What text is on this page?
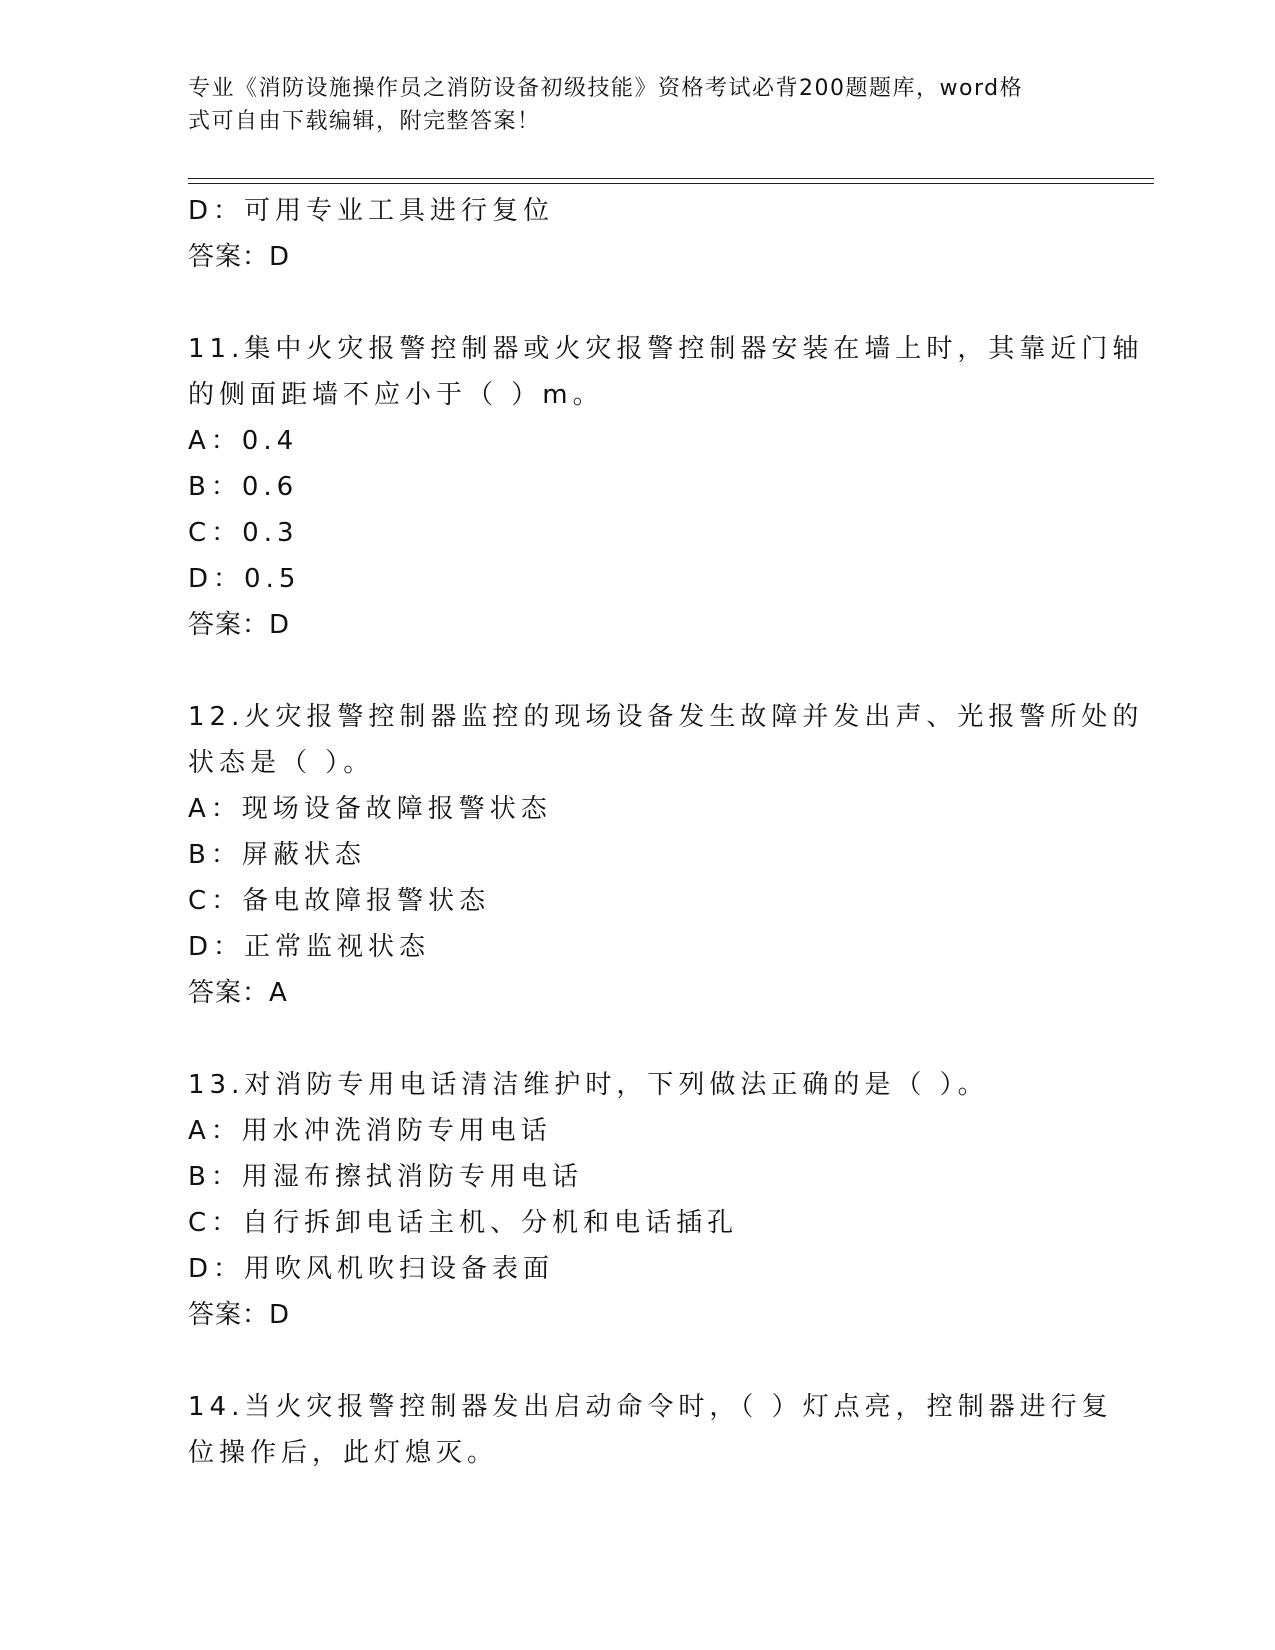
专业《消防设施操作员之消防设备初级技能》资格考试必背200题题库，word格
式可自由下载编辑，附完整答案！
D：可用专业工具进行复位
答案：D
11.集中火灾报警控制器或火灾报警控制器安装在墙上时，其靠近门轴
的侧面距墙不应小于（ ）m。
A：0.4
B：0.6
C：0.3
D：0.5
答案：D
12.火灾报警控制器监控的现场设备发生故障并发出声、光报警所处的
状态是（ ）。
A：现场设备故障报警状态
B：屏蔽状态
C：备电故障报警状态
D：正常监视状态
答案：A
13.对消防专用电话清洁维护时，下列做法正确的是（ ）。
A：用水冲洗消防专用电话
B：用湿布擦拭消防专用电话
C：自行拆卸电话主机、分机和电话插孔
D：用吹风机吹扫设备表面
答案：D
14.当火灾报警控制器发出启动命令时，（ ）灯点亮，控制器进行复
位操作后，此灯熄灭。
